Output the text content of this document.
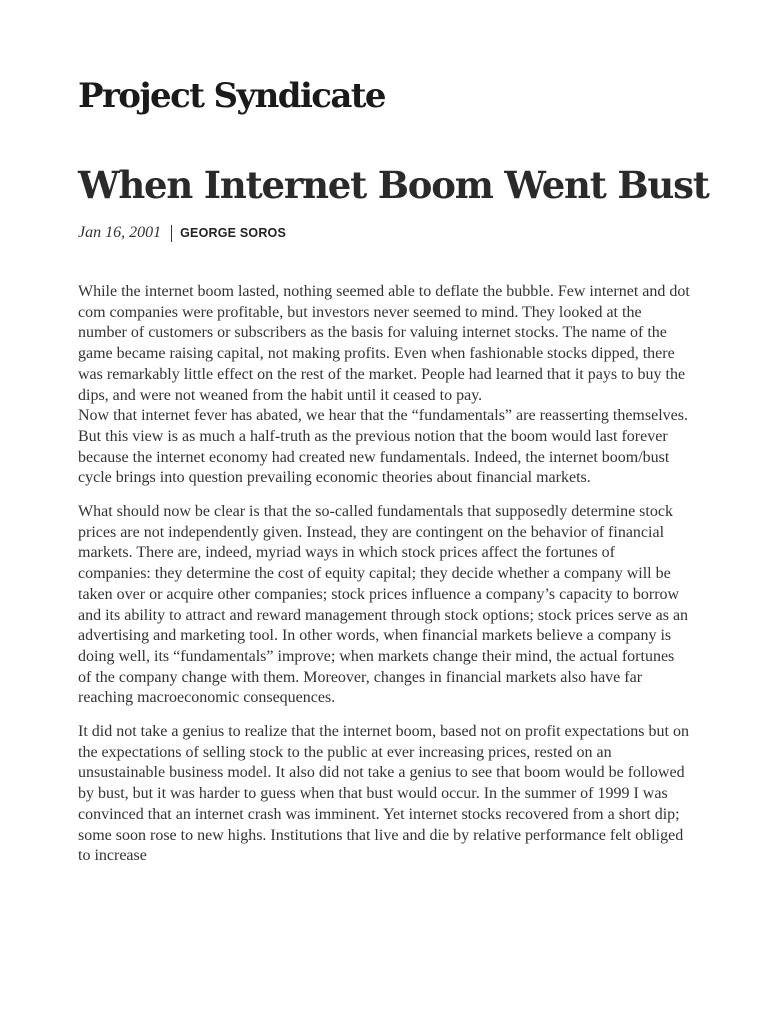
Project Syndicate
When Internet Boom Went Bust
Jan 16, 2001 GEORGE SOROS

While the internet boom lasted, nothing seemed able to deflate the bubble. Few internet and dot com companies were profitable, but investors never seemed to mind. They looked at the number of customers or subscribers as the basis for valuing internet stocks. The name of the game became raising capital, not making profits. Even when fashionable stocks dipped, there was remarkably little effect on the rest of the market. People had learned that it pays to buy the dips, and were not weaned from the habit until it ceased to pay.

Now that internet fever has abated, we hear that the “fundamentals” are reasserting themselves. But this view is as much a half-truth as the previous notion that the boom would last forever because the internet economy had created new fundamentals. Indeed, the internet boom/bust cycle brings into question prevailing economic theories about financial markets.

What should now be clear is that the so-called fundamentals that supposedly determine stock prices are not independently given. Instead, they are contingent on the behavior of financial markets. There are, indeed, myriad ways in which stock prices affect the fortunes of companies: they determine the cost of equity capital; they decide whether a company will be taken over or acquire other companies; stock prices influence a company’s capacity to borrow and its ability to attract and reward management through stock options; stock prices serve as an advertising and marketing tool. In other words, when financial markets believe a company is doing well, its “fundamentals” improve; when markets change their mind, the actual fortunes of the company change with them. Moreover, changes in financial markets also have far reaching macroeconomic consequences.

It did not take a genius to realize that the internet boom, based not on profit expectations but on the expectations of selling stock to the public at ever increasing prices, rested on an unsustainable business model. It also did not take a genius to see that boom would be followed by bust, but it was harder to guess when that bust would occur. In the summer of 1999 I was convinced that an internet crash was imminent. Yet internet stocks recovered from a short dip; some soon rose to new highs. Institutions that live and die by relative performance felt obliged to increase
